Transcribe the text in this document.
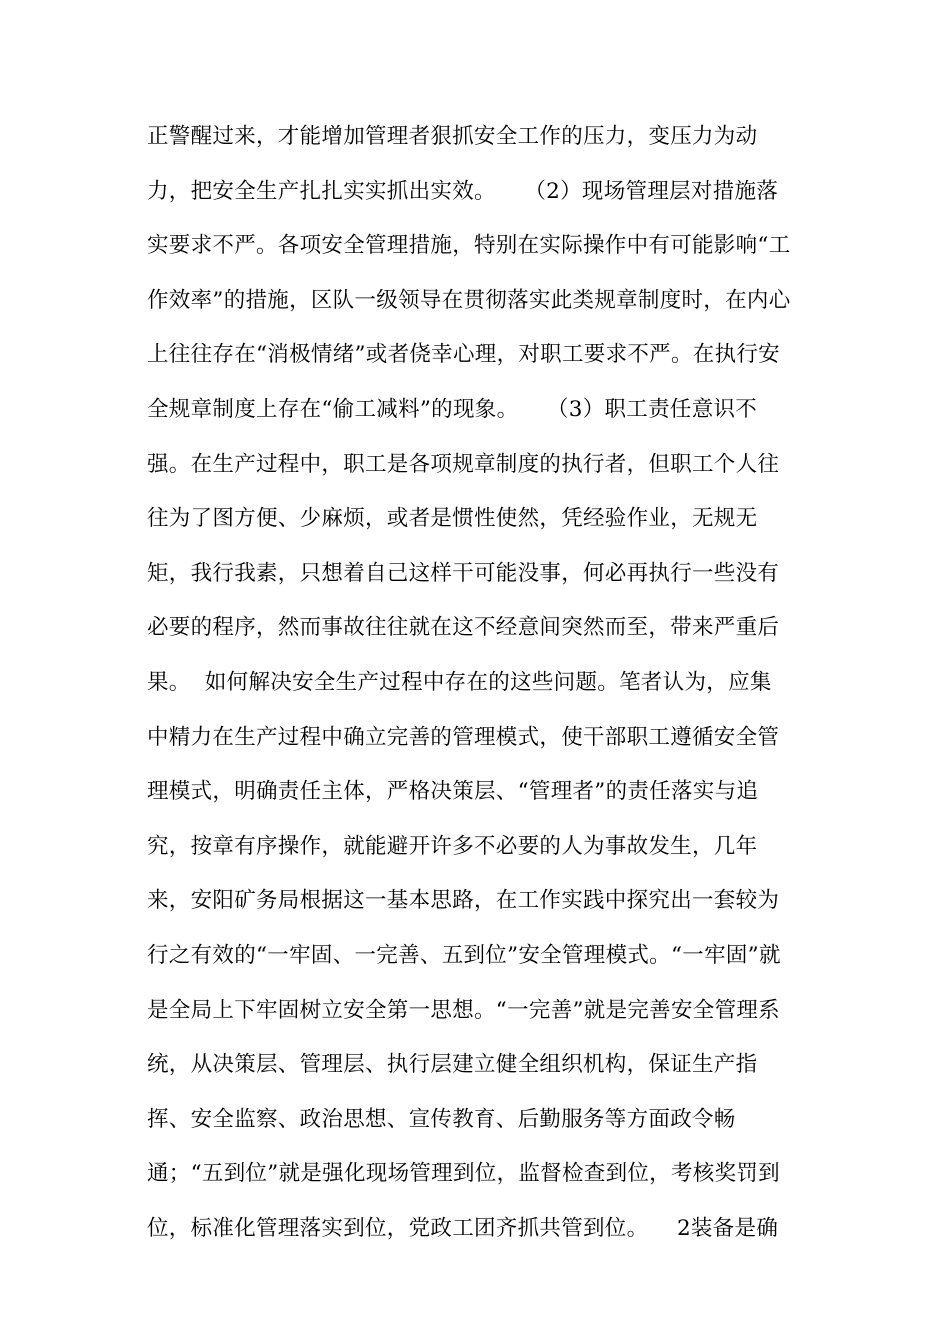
正警醒过来，才能增加管理者狠抓安全工作的压力，变压力为动
力，把安全生产扎扎实实抓出实效。    （2）现场管理层对措施落
实要求不严。各项安全管理措施，特别在实际操作中有可能影响“工
作效率”的措施，区队一级领导在贯彻落实此类规章制度时，在内心
上往往存在“消极情绪”或者侥幸心理，对职工要求不严。在执行安
全规章制度上存在“偷工减料”的现象。    （3）职工责任意识不
强。在生产过程中，职工是各项规章制度的执行者，但职工个人往
往为了图方便、少麻烦，或者是惯性使然，凭经验作业，无规无
矩，我行我素，只想着自己这样干可能没事，何必再执行一些没有
必要的程序，然而事故往往就在这不经意间突然而至，带来严重后
果。  如何解决安全生产过程中存在的这些问题。笔者认为，应集
中精力在生产过程中确立完善的管理模式，使干部职工遵循安全管
理模式，明确责任主体，严格决策层、“管理者”的责任落实与追
究，按章有序操作，就能避开许多不必要的人为事故发生，几年
来，安阳矿务局根据这一基本思路，在工作实践中探究出一套较为
行之有效的“一牢固、一完善、五到位”安全管理模式。“一牢固”就
是全局上下牢固树立安全第一思想。“一完善”就是完善安全管理系
统，从决策层、管理层、执行层建立健全组织机构，保证生产指
挥、安全监察、政治思想、宣传教育、后勤服务等方面政令畅
通；“五到位”就是强化现场管理到位，监督检查到位，考核奖罚到
位，标准化管理落实到位，党政工团齐抓共管到位。    2装备是确
